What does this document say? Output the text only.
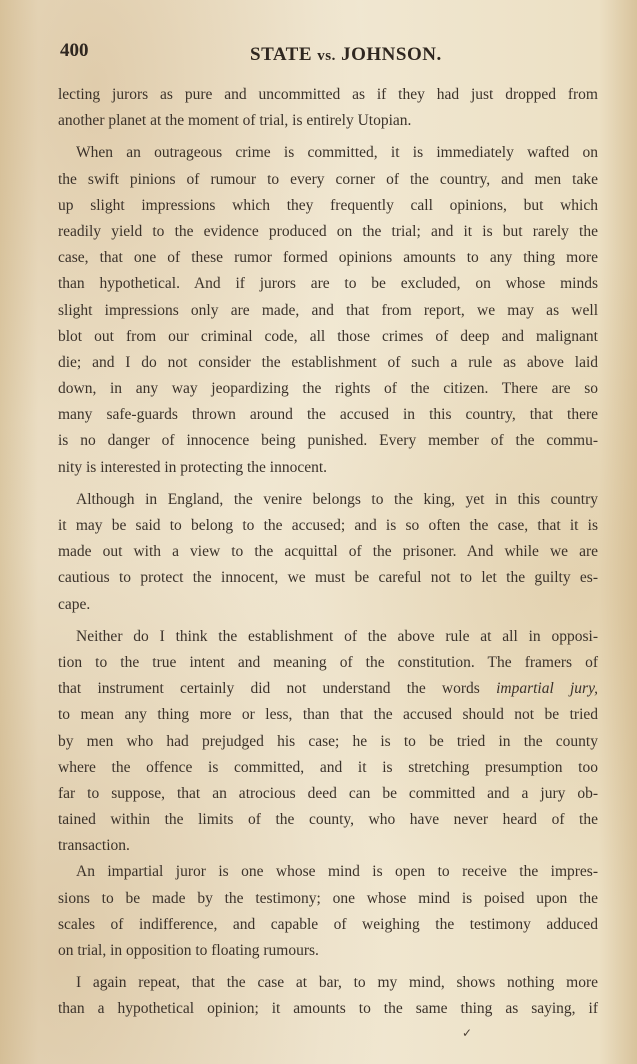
400	STATE vs. JOHNSON.

lecting jurors as pure and uncommitted as if they had just dropped from
another planet at the moment of trial, is entirely Utopian.

When an outrageous crime is committed, it is immediately wafted on
the swift pinions of rumour to every corner of the country, and men take
up slight impressions which they frequently call opinions, but which
readily yield to the evidence produced on the trial; and it is but rarely the
case, that one of these rumor formed opinions amounts to any thing more
than hypothetical. And if jurors are to be excluded, on whose minds
slight impressions only are made, and that from report, we may as well
blot out from our criminal code, all those crimes of deep and malignant
die; and I do not consider the establishment of such a rule as above laid
down, in any way jeopardizing the rights of the citizen. There are so
many safe-guards thrown around the accused in this country, that there
is no danger of innocence being punished. Every member of the commu-
nity is interested in protecting the innocent.

Although in England, the venire belongs to the king, yet in this country
it may be said to belong to the accused; and is so often the case, that it is
made out with a view to the acquittal of the prisoner. And while we are
cautious to protect the innocent, we must be careful not to let the guilty es-
cape.

Neither do I think the establishment of the above rule at all in opposi-
tion to the true intent and meaning of the constitution. The framers of
that instrument certainly did not understand the words impartial jury,
to mean any thing more or less, than that the accused should not be tried
by men who had prejudged his case; he is to be tried in the county
where the offence is committed, and it is stretching presumption too
far to suppose, that an atrocious deed can be committed and a jury ob-
tained within the limits of the county, who have never heard of the
transaction.

An impartial juror is one whose mind is open to receive the impres-
sions to be made by the testimony; one whose mind is poised upon the
scales of indifference, and capable of weighing the testimony adduced
on trial, in opposition to floating rumours.

I again repeat, that the case at bar, to my mind, shows nothing more
than a hypothetical opinion; it amounts to the same thing as saying, if

✓
